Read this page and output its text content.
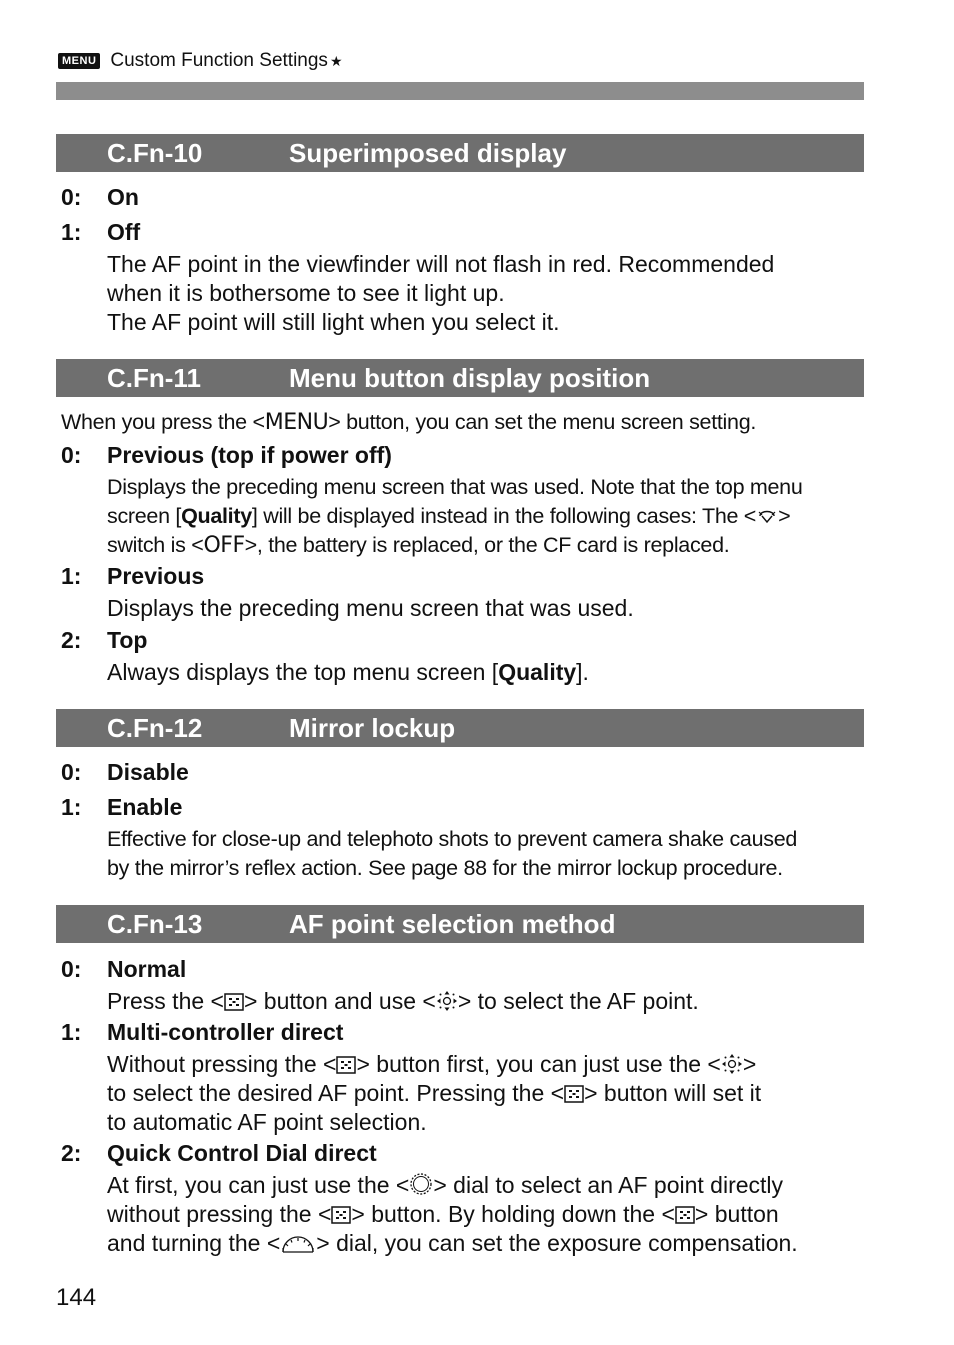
MENU Custom Function Settings ★
C.Fn-10	Superimposed display
0: On
1: Off
The AF point in the viewfinder will not flash in red. Recommended
when it is bothersome to see it light up.
The AF point will still light when you select it.
C.Fn-11	Menu button display position
When you press the <MENU> button, you can set the menu screen setting.
0: Previous (top if power off)
Displays the preceding menu screen that was used. Note that the top menu
screen [Quality] will be displayed instead in the following cases: The < >
switch is <OFF>, the battery is replaced, or the CF card is replaced.
1: Previous
Displays the preceding menu screen that was used.
2: Top
Always displays the top menu screen [Quality].
C.Fn-12	Mirror lockup
0: Disable
1: Enable
Effective for close-up and telephoto shots to prevent camera shake caused
by the mirror’s reflex action. See page 88 for the mirror lockup procedure.
C.Fn-13	AF point selection method
0: Normal
Press the < > button and use < > to select the AF point.
1: Multi-controller direct
Without pressing the < > button first, you can just use the < >
to select the desired AF point. Pressing the < > button will set it
to automatic AF point selection.
2: Quick Control Dial direct
At first, you can just use the < > dial to select an AF point directly
without pressing the < > button. By holding down the < > button
and turning the < > dial, you can set the exposure compensation.
144
